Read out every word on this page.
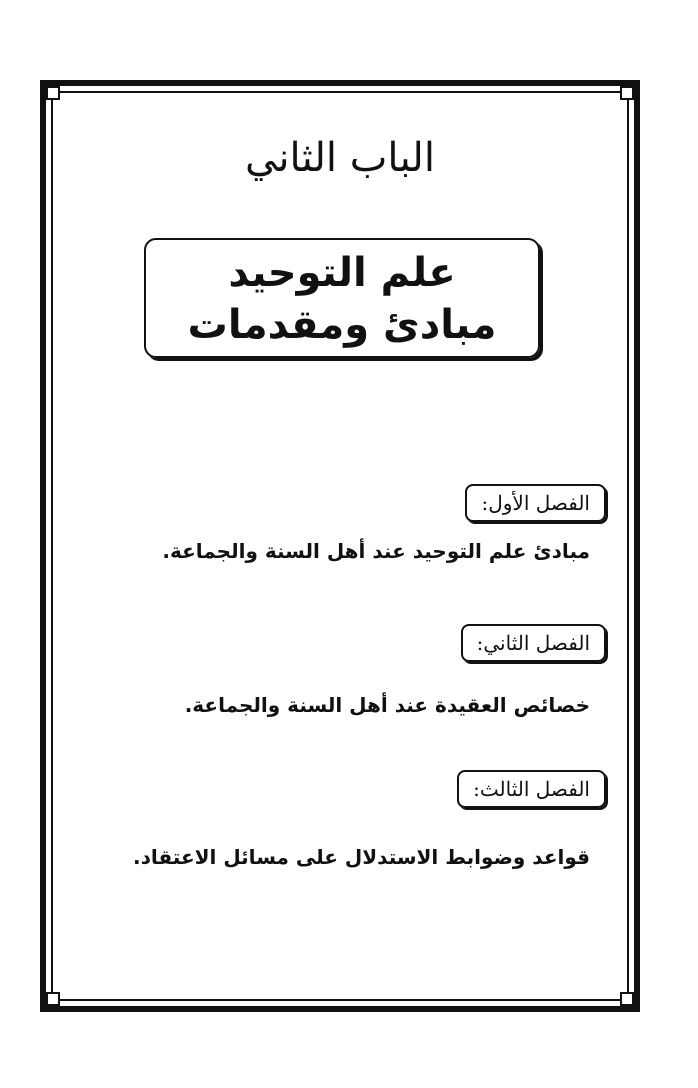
الباب الثاني
علم التوحيد
مبادئ ومقدمات
الفصل الأول:
مبادئ علم التوحيد عند أهل السنة والجماعة.
الفصل الثاني:
خصائص العقيدة عند أهل السنة والجماعة.
الفصل الثالث:
قواعد وضوابط الاستدلال على مسائل الاعتقاد.
